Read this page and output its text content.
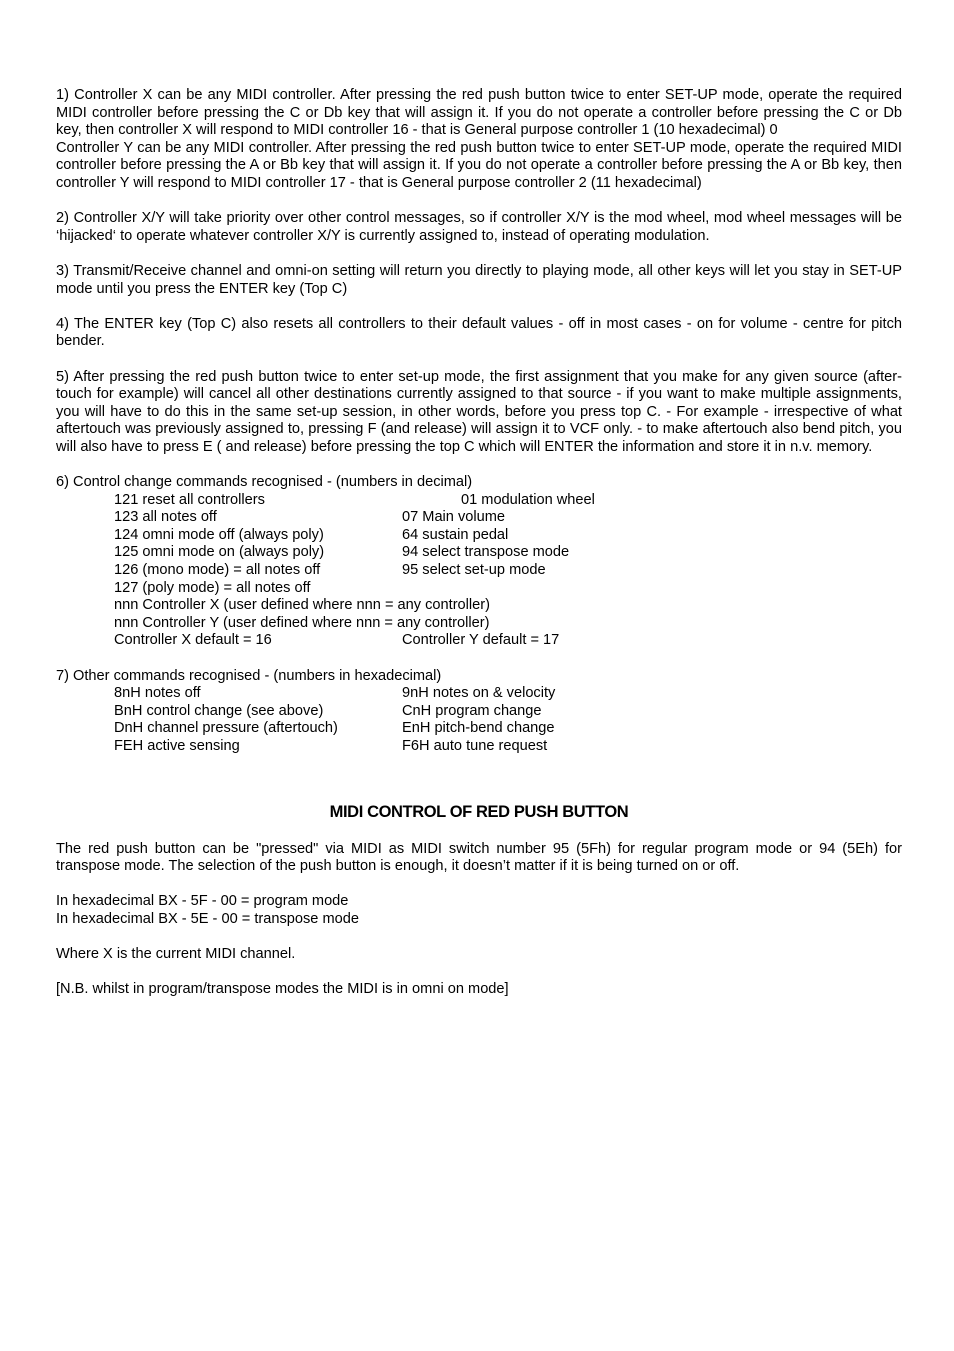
1) Controller X can be any MIDI controller. After pressing the red push button twice to enter SET-UP mode, operate the required MIDI controller before pressing the C or Db key that will assign it. If you do not operate a controller before pressing the C or Db key, then controller X will respond to MIDI controller 16 - that is General purpose controller 1 (10 hexadecimal) 0

Controller Y can be any MIDI controller. After pressing the red push button twice to enter SET-UP mode, operate the required MIDI controller before pressing the A or Bb key that will assign it. If you do not operate a controller before pressing the A or Bb key, then controller Y will respond to MIDI controller 17 - that is General purpose controller 2 (11 hexadecimal)

2) Controller X/Y will take priority over other control messages, so if controller X/Y is the mod wheel, mod wheel messages will be ‘hijacked‘ to operate whatever controller X/Y is currently assigned to, instead of operating modulation.

3) Transmit/Receive channel and omni-on setting will return you directly to playing mode, all other keys will let you stay in SET-UP mode until you press the ENTER key (Top C)

4) The ENTER key (Top C) also resets all controllers to their default values - off in most cases - on for volume - centre for pitch bender.

5) After pressing the red push button twice to enter set-up mode, the first assignment that you make for any given source (after-touch for example) will cancel all other destinations currently assigned to that source - if you want to make multiple assignments, you will have to do this in the same set-up session, in other words, before you press top C. - For example - irrespective of what aftertouch was previously assigned to, pressing F (and release) will assign it to VCF only. - to make aftertouch also bend pitch, you will also have to press E ( and release) before pressing the top C which will ENTER the information and store it in n.v. memory.

6) Control change commands recognised - (numbers in decimal)

121 reset all controllers	01 modulation wheel
123 all notes off	07 Main volume
124 omni mode off (always poly)	64 sustain pedal
125 omni mode on (always poly)	94 select transpose mode
126 (mono mode) = all notes off	95 select set-up mode
127 (poly mode) = all notes off
nnn Controller X (user defined where nnn = any controller)
nnn Controller Y (user defined where nnn = any controller)
Controller X default = 16	Controller Y default = 17

7) Other commands recognised - (numbers in hexadecimal)

8nH notes off	9nH notes on & velocity
BnH control change (see above)	CnH program change
DnH channel pressure (aftertouch)	EnH pitch-bend change
FEH active sensing	F6H auto tune request

MIDI CONTROL OF RED PUSH BUTTON

The red push button can be "pressed" via MIDI as MIDI switch number 95 (5Fh) for regular program mode or 94 (5Eh) for transpose mode. The selection of the push button is enough, it doesn’t matter if it is being turned on or off.

In hexadecimal BX - 5F - 00 = program mode

In hexadecimal BX - 5E - 00 = transpose mode

Where X is the current MIDI channel.

[N.B. whilst in program/transpose modes the MIDI is in omni on mode]
